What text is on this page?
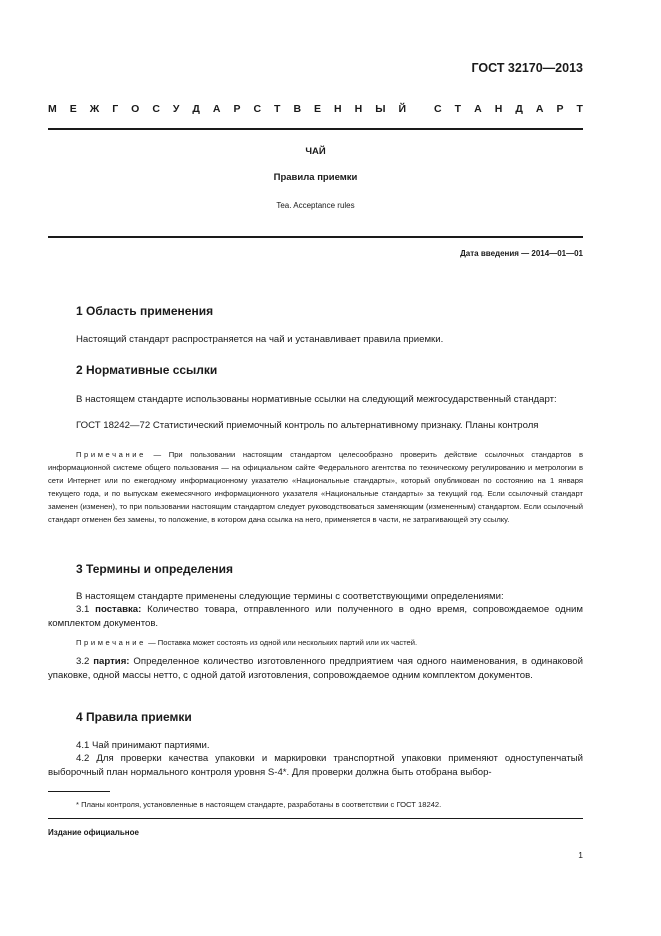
ГОСТ 32170—2013
М Е Ж Г О С У Д А Р С Т В Е Н Н Ы Й	С Т А Н Д А Р Т
ЧАЙ
Правила приемки
Tea. Acceptance rules
Дата введения — 2014—01—01
1 Область применения
Настоящий стандарт распространяется на чай и устанавливает правила приемки.
2 Нормативные ссылки
В настоящем стандарте использованы нормативные ссылки на следующий межгосударственный стандарт:
ГОСТ 18242—72 Статистический приемочный контроль по альтернативному признаку. Планы контроля
Примечание — При пользовании настоящим стандартом целесообразно проверить действие ссылочных стандартов в информационной системе общего пользования — на официальном сайте Федерального агентства по техническому регулированию и метрологии в сети Интернет или по ежегодному информационному указателю «Национальные стандарты», который опубликован по состоянию на 1 января текущего года, и по выпускам ежемесячного информационного указателя «Национальные стандарты» за текущий год. Если ссылочный стандарт заменен (изменен), то при пользовании настоящим стандартом следует руководствоваться заменяющим (измененным) стандартом. Если ссылочный стандарт отменен без замены, то положение, в котором дана ссылка на него, применяется в части, не затрагивающей эту ссылку.
3 Термины и определения
В настоящем стандарте применены следующие термины с соответствующими определениями:
3.1 поставка: Количество товара, отправленного или полученного в одно время, сопровождаемое одним комплектом документов.
Примечание — Поставка может состоять из одной или нескольких партий или их частей.
3.2 партия: Определенное количество изготовленного предприятием чая одного наименования, в одинаковой упаковке, одной массы нетто, с одной датой изготовления, сопровождаемое одним комплектом документов.
4 Правила приемки
4.1 Чай принимают партиями.
4.2 Для проверки качества упаковки и маркировки транспортной упаковки применяют одноступенчатый выборочный план нормального контроля уровня S-4*. Для проверки должна быть отобрана выбор-
* Планы контроля, установленные в настоящем стандарте, разработаны в соответствии с ГОСТ 18242.
Издание официальное
1
